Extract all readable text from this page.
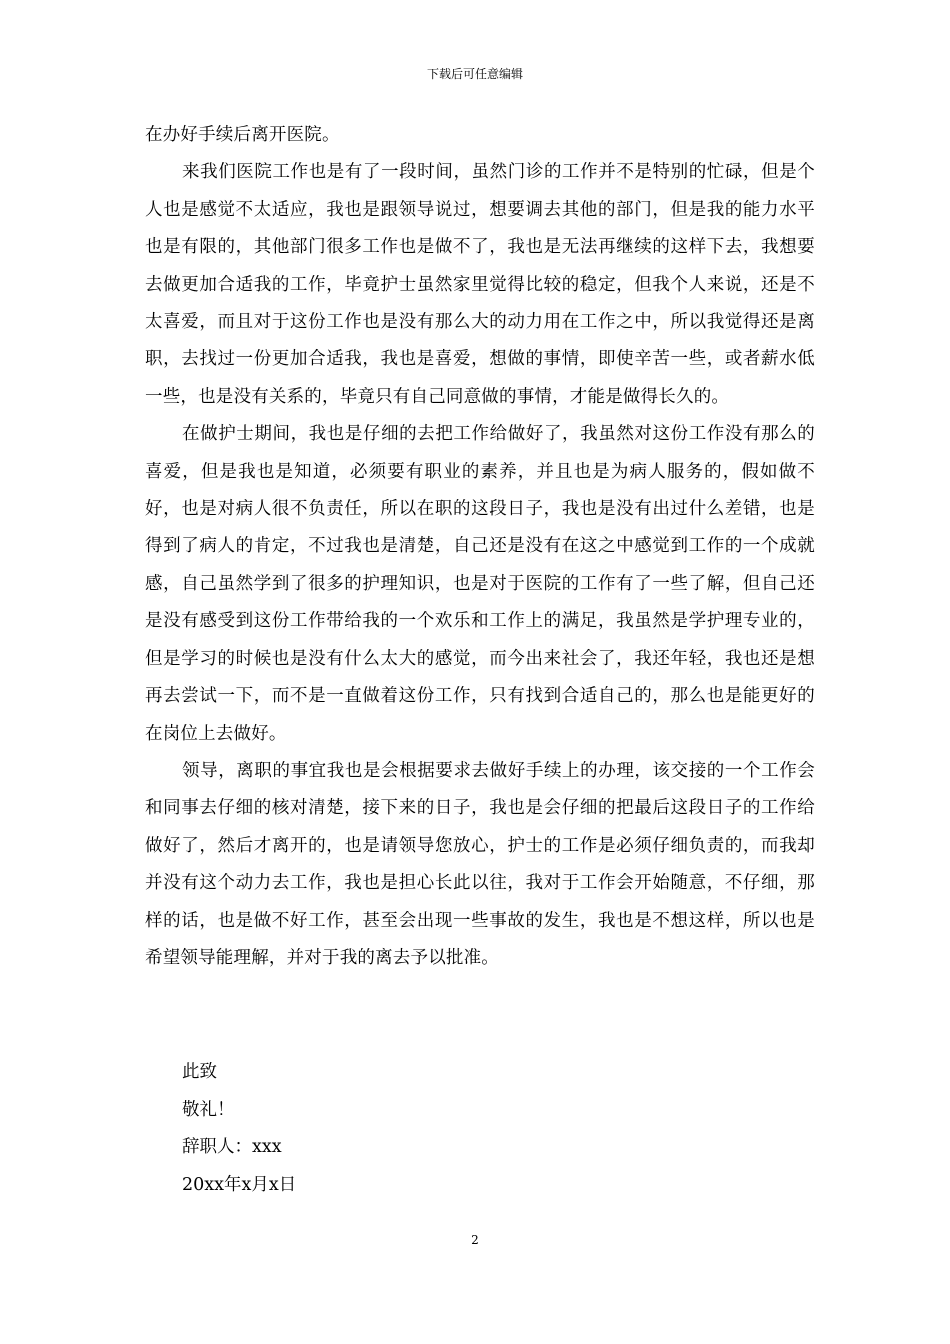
下载后可任意编辑

在办好手续后离开医院。

来我们医院工作也是有了一段时间，虽然门诊的工作并不是特别的忙碌，但是个人也是感觉不太适应，我也是跟领导说过，想要调去其他的部门，但是我的能力水平也是有限的，其他部门很多工作也是做不了，我也是无法再继续的这样下去，我想要去做更加合适我的工作，毕竟护士虽然家里觉得比较的稳定，但我个人来说，还是不太喜爱，而且对于这份工作也是没有那么大的动力用在工作之中，所以我觉得还是离职，去找过一份更加合适我，我也是喜爱，想做的事情，即使辛苦一些，或者薪水低一些，也是没有关系的，毕竟只有自己同意做的事情，才能是做得长久的。

在做护士期间，我也是仔细的去把工作给做好了，我虽然对这份工作没有那么的喜爱，但是我也是知道，必须要有职业的素养，并且也是为病人服务的，假如做不好，也是对病人很不负责任，所以在职的这段日子，我也是没有出过什么差错，也是得到了病人的肯定，不过我也是清楚，自己还是没有在这之中感觉到工作的一个成就感，自己虽然学到了很多的护理知识，也是对于医院的工作有了一些了解，但自己还是没有感受到这份工作带给我的一个欢乐和工作上的满足，我虽然是学护理专业的，但是学习的时候也是没有什么太大的感觉，而今出来社会了，我还年轻，我也还是想再去尝试一下，而不是一直做着这份工作，只有找到合适自己的，那么也是能更好的在岗位上去做好。

领导，离职的事宜我也是会根据要求去做好手续上的办理，该交接的一个工作会和同事去仔细的核对清楚，接下来的日子，我也是会仔细的把最后这段日子的工作给做好了，然后才离开的，也是请领导您放心，护士的工作是必须仔细负责的，而我却并没有这个动力去工作，我也是担心长此以往，我对于工作会开始随意，不仔细，那样的话，也是做不好工作，甚至会出现一些事故的发生，我也是不想这样，所以也是希望领导能理解，并对于我的离去予以批准。

此致
敬礼！
辞职人：xxx
20xx年x月x日
2
